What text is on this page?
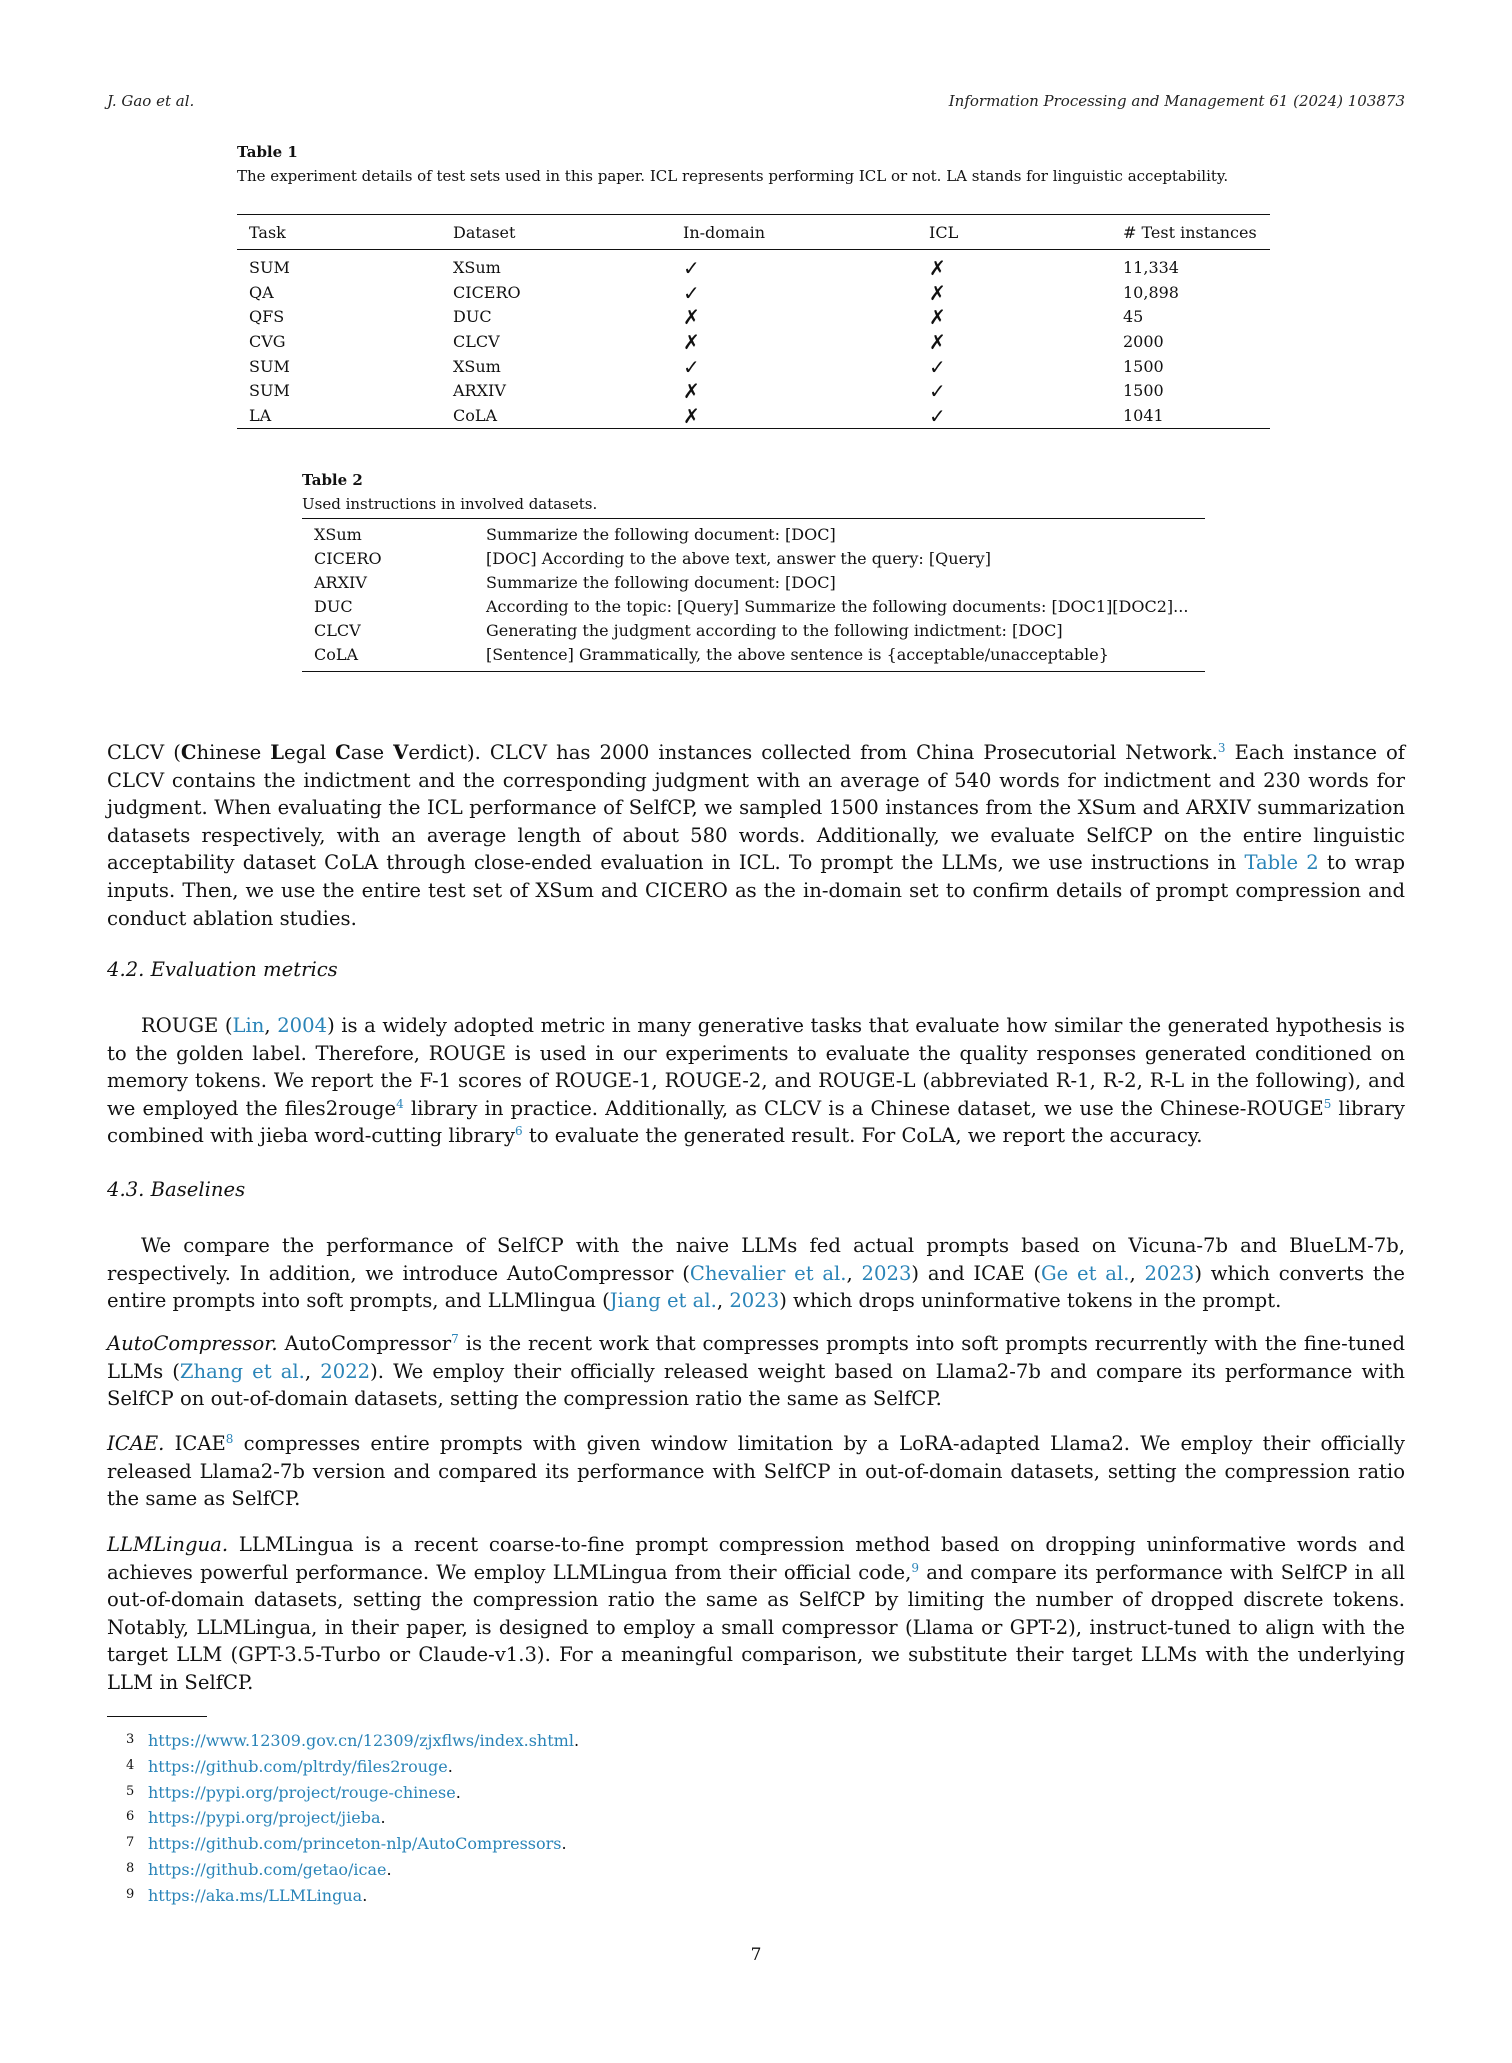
J. Gao et al.	Information Processing and Management 61 (2024) 103873
Table 1
The experiment details of test sets used in this paper. ICL represents performing ICL or not. LA stands for linguistic acceptability.
Task	Dataset	In-domain	ICL	# Test instances
SUM	XSum	✓	✗	11,334
QA	CICERO	✓	✗	10,898
QFS	DUC	✗	✗	45
CVG	CLCV	✗	✗	2000
SUM	XSum	✓	✓	1500
SUM	ARXIV	✗	✓	1500
LA	CoLA	✗	✓	1041
Table 2
Used instructions in involved datasets.
XSum	Summarize the following document: [DOC]
CICERO	[DOC] According to the above text, answer the query: [Query]
ARXIV	Summarize the following document: [DOC]
DUC	According to the topic: [Query] Summarize the following documents: [DOC1][DOC2]...
CLCV	Generating the judgment according to the following indictment: [DOC]
CoLA	[Sentence] Grammatically, the above sentence is {acceptable/unacceptable}

CLCV (Chinese Legal Case Verdict). CLCV has 2000 instances collected from China Prosecutorial Network.$^3$ Each instance of CLCV contains the indictment and the corresponding judgment with an average of 540 words for indictment and 230 words for judgment. When evaluating the ICL performance of SelfCP, we sampled 1500 instances from the XSum and ARXIV summarization datasets respectively, with an average length of about 580 words. Additionally, we evaluate SelfCP on the entire linguistic acceptability dataset CoLA through close-ended evaluation in ICL. To prompt the LLMs, we use instructions in Table 2 to wrap inputs. Then, we use the entire test set of XSum and CICERO as the in-domain set to confirm details of prompt compression and conduct ablation studies.

4.2. Evaluation metrics

ROUGE (Lin, 2004) is a widely adopted metric in many generative tasks that evaluate how similar the generated hypothesis is to the golden label. Therefore, ROUGE is used in our experiments to evaluate the quality responses generated conditioned on memory tokens. We report the F-1 scores of ROUGE-1, ROUGE-2, and ROUGE-L (abbreviated R-1, R-2, R-L in the following), and we employed the files2rouge$^4$ library in practice. Additionally, as CLCV is a Chinese dataset, we use the Chinese-ROUGE$^5$ library combined with jieba word-cutting library$^6$ to evaluate the generated result. For CoLA, we report the accuracy.

4.3. Baselines

We compare the performance of SelfCP with the naive LLMs fed actual prompts based on Vicuna-7b and BlueLM-7b, respectively. In addition, we introduce AutoCompressor (Chevalier et al., 2023) and ICAE (Ge et al., 2023) which converts the entire prompts into soft prompts, and LLMlingua (Jiang et al., 2023) which drops uninformative tokens in the prompt.

AutoCompressor. AutoCompressor$^7$ is the recent work that compresses prompts into soft prompts recurrently with the fine-tuned LLMs (Zhang et al., 2022). We employ their officially released weight based on Llama2-7b and compare its performance with SelfCP on out-of-domain datasets, setting the compression ratio the same as SelfCP.

ICAE. ICAE$^8$ compresses entire prompts with given window limitation by a LoRA-adapted Llama2. We employ their officially released Llama2-7b version and compared its performance with SelfCP in out-of-domain datasets, setting the compression ratio the same as SelfCP.

LLMLingua. LLMLingua is a recent coarse-to-fine prompt compression method based on dropping uninformative words and achieves powerful performance. We employ LLMLingua from their official code,$^9$ and compare its performance with SelfCP in all out-of-domain datasets, setting the compression ratio the same as SelfCP by limiting the number of dropped discrete tokens. Notably, LLMLingua, in their paper, is designed to employ a small compressor (Llama or GPT-2), instruct-tuned to align with the target LLM (GPT-3.5-Turbo or Claude-v1.3). For a meaningful comparison, we substitute their target LLMs with the underlying LLM in SelfCP.

3 https://www.12309.gov.cn/12309/zjxflws/index.shtml.
4 https://github.com/pltrdy/files2rouge.
5 https://pypi.org/project/rouge-chinese.
6 https://pypi.org/project/jieba.
7 https://github.com/princeton-nlp/AutoCompressors.
8 https://github.com/getao/icae.
9 https://aka.ms/LLMLingua.
7
